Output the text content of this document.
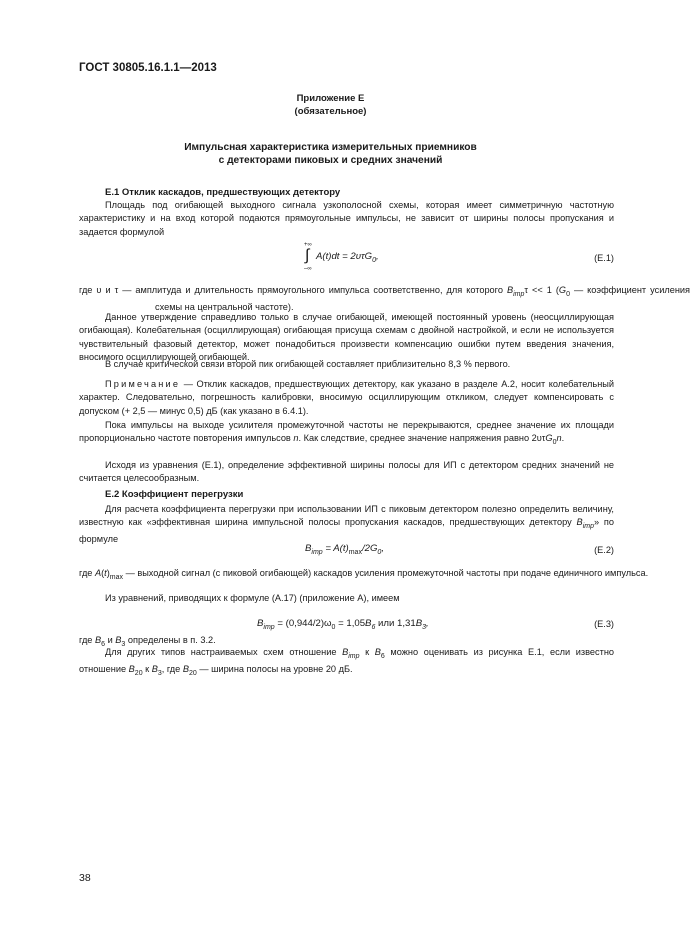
ГОСТ 30805.16.1.1—2013
Приложение Е
(обязательное)
Импульсная характеристика измерительных приемников
с детекторами пиковых и средних значений
Е.1 Отклик каскадов, предшествующих детектору

Площадь под огибающей выходного сигнала узкополосной схемы, которая имеет симметричную частотную характеристику и на вход которой подаются прямоугольные импульсы, не зависит от ширины полосы пропускания и задается формулой

+∞
∫
–∞
A(t)dt = 2υτG$_0$,	(Е.1)

где υ и τ — амплитуда и длительность прямоугольного импульса соответственно, для которого $B_{imp}\tau << 1$ ($G_0$ — коэффициент усиления схемы на центральной частоте).

Данное утверждение справедливо только в случае огибающей, имеющей постоянный уровень (неосциллирующая огибающая). Колебательная (осциллирующая) огибающая присуща схемам с двойной настройкой, и если не используется чувствительный фазовый детектор, может понадобиться произвести компенсацию ошибки путем введения значения, вносимого осциллирующей огибающей.

В случае критической связи второй пик огибающей составляет приблизительно 8,3 % первого.

Примечание — Отклик каскадов, предшествующих детектору, как указано в разделе А.2, носит колебательный характер. Следовательно, погрешность калибровки, вносимую осциллирующим откликом, следует компенсировать с допуском (+ 2,5 — минус 0,5) дБ (как указано в 6.4.1).

Пока импульсы на выходе усилителя промежуточной частоты не перекрываются, среднее значение их площади пропорционально частоте повторения импульсов n. Как следствие, среднее значение напряжения равно 2υτG$_0$n.

Исходя из уравнения (Е.1), определение эффективной ширины полосы для ИП с детектором средних значений не считается целесообразным.

Е.2 Коэффициент перегрузки

Для расчета коэффициента перегрузки при использовании ИП с пиковым детектором полезно определить величину, известную как «эффективная ширина импульсной полосы пропускания каскадов, предшествующих детектору $B_{imp}$» по формуле

$B_{imp} = A(t)_{max}/2G_0$,	(Е.2)

где $A(t)_{max}$ — выходной сигнал (с пиковой огибающей) каскадов усиления промежуточной частоты при подаче единичного импульса.

Из уравнений, приводящих к формуле (А.17) (приложение А), имеем

$B_{imp} = (0,944/2)\omega_0 = 1,05B_6$ или $1,31B_3$,	(Е.3)

где $B_6$ и $B_3$ определены в п. 3.2.

Для других типов настраиваемых схем отношение $B_{imp}$ к $B_6$ можно оценивать из рисунка Е.1, если известно отношение $B_{20}$ к $B_3$, где $B_{20}$ — ширина полосы на уровне 20 дБ.

38
